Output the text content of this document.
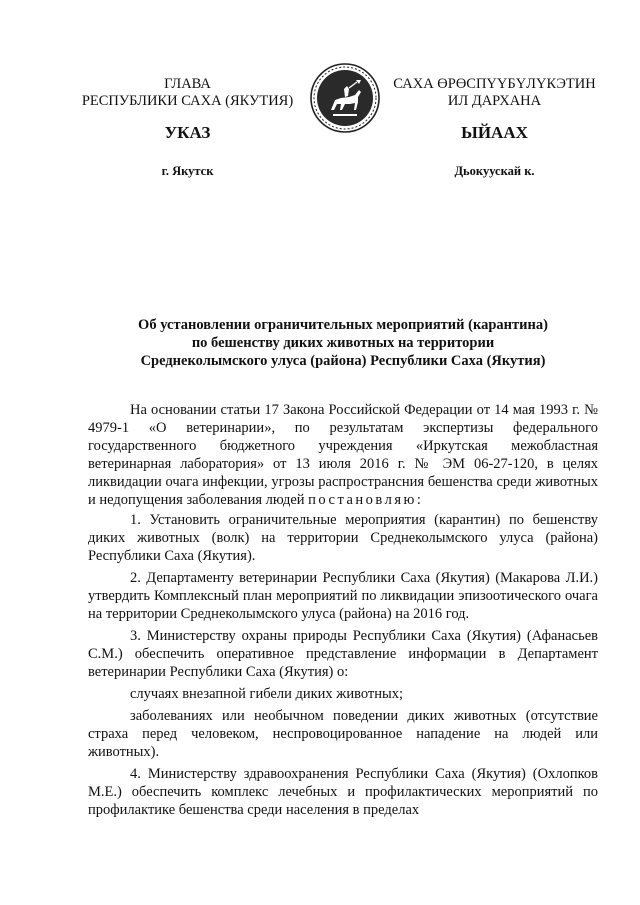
ГЛАВА
РЕСПУБЛИКИ САХА (ЯКУТИЯ)
САХА ӨРӨСПҮҮБҮЛҮКЭТИН
ИЛ ДАРХАНА
УКАЗ	ЫЙААХ
г. Якутск	Дьокуускай к.
Об установлении ограничительных мероприятий (карантина)
по бешенству диких животных на территории
Среднеколымского улуса (района) Республики Саха (Якутия)

На основании статьи 17 Закона Российской Федерации от 14 мая 1993 г. № 4979-1 «О ветеринарии», по результатам экспертизы федерального государственного бюджетного учреждения «Иркутская межобластная ветеринарная лаборатория» от 13 июля 2016 г. № ЭМ 06-27-120, в целях ликвидации очага инфекции, угрозы распространсния бешенства среди животных и недопущения заболевания людей постановляю:

1. Установить ограничительные мероприятия (карантин) по бешенству диких животных (волк) на территории Среднеколымского улуса (района) Республики Саха (Якутия).

2. Департаменту ветеринарии Республики Саха (Якутия) (Макарова Л.И.) утвердить Комплексный план мероприятий по ликвидации эпизоотического очага на территории Среднеколымского улуса (района) на 2016 год.

3. Министерству охраны природы Республики Саха (Якутия) (Афанасьев С.М.) обеспечить оперативное представление информации в Департамент ветеринарии Республики Саха (Якутия) о:

случаях внезапной гибели диких животных;

заболеваниях или необычном поведении диких животных (отсутствие страха перед человеком, неспровоцированное нападение на людей или животных).

4. Министерству здравоохранения Республики Саха (Якутия) (Охлопков М.Е.) обеспечить комплекс лечебных и профилактических мероприятий по профилактике бешенства среди населения в пределах
